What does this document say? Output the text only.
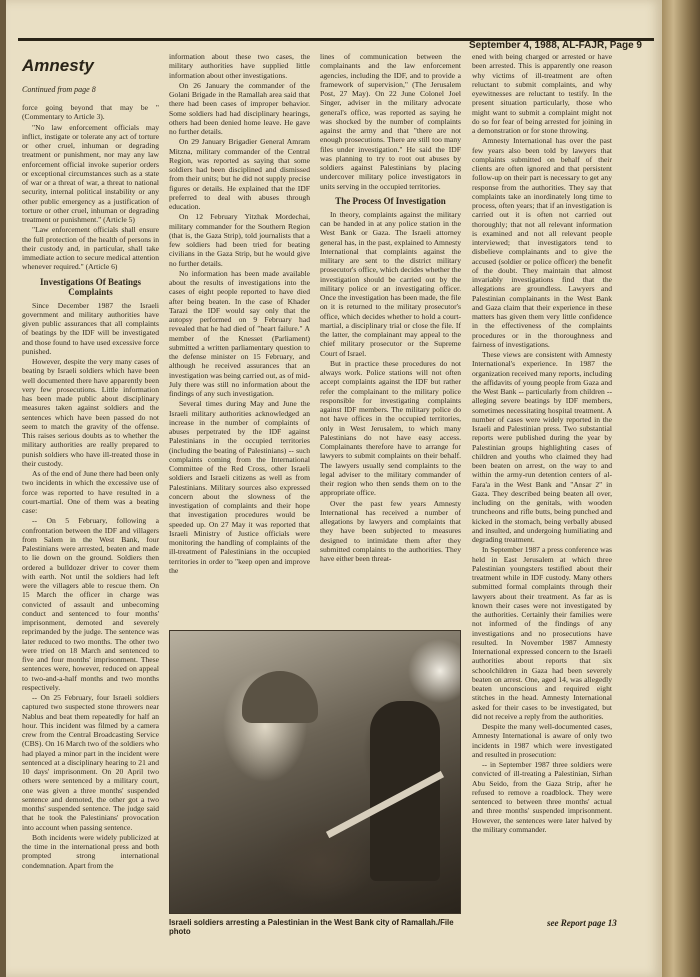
September 4, 1988, AL-FAJR, Page 9
Amnesty
Continued from page 8

force going beyond that may be " (Commentary to Article 3).

"No law enforcement officials may inflict, instigate or tolerate any act of torture or other cruel, inhuman or degrading treatment or punishment, nor may any law enforcement official invoke superior orders or exceptional circumstances such as a state of war or a threat of war, a threat to national security, internal political instability or any other public emergency as a justification of torture or other cruel, inhuman or degrading treatment or punishment." (Article 5)

"Law enforcement officials shall ensure the full protection of the health of persons in their custody and, in particular, shall take immediate action to secure medical attention whenever required." (Article 6)

Investigations Of Beatings Complaints

Since December 1987 the Israeli government and military authorities have given public assurances that all complaints of beatings by the IDF will be investigated and those found to have used excessive force punished.

However, despite the very many cases of beating by Israeli soldiers which have been well documented there have apparently been very few prosecutions. Little information has been made public about disciplinary measures taken against soldiers and the sentences which have been passed do not seem to match the gravity of the offense. This raises serious doubts as to whether the military authorities are really prepared to punish soldiers who have ill-treated those in their custody.

As of the end of June there had been only two incidents in which the excessive use of force was reported to have resulted in a court-martial. One of them was a beating case:

-- On 5 February, following a confrontation between the IDF and villagers from Salem in the West Bank, four Palestinians were arrested, beaten and made to lie down on the ground. Soldiers then ordered a bulldozer driver to cover them with earth. Not until the soldiers had left were the villagers able to rescue them. On 15 March the officer in charge was convicted of assault and unbecoming conduct and sentenced to four months' imprisonment, demoted and severely reprimanded by the judge. The sentence was later reduced to two months. The other two were tried on 18 March and sentenced to five and four months' imprisonment. These sentences were, however, reduced on appeal to two-and-a-half months and two months respectively.

-- On 25 February, four Israeli soldiers captured two suspected stone throwers near Nablus and beat them repeatedly for half an hour. This incident was filmed by a camera crew from the Central Broadcasting Service (CBS). On 16 March two of the soldiers who had played a minor part in the incident were sentenced at a disciplinary hearing to 21 and 10 days' imprisonment. On 20 April two others were sentenced by a military court, one was given a three months' suspended sentence and demoted, the other got a two months' suspended sentence. The judge said that he took the Palestinians' provocation into account when passing sentence.

Both incidents were widely publicized at the time in the international press and both prompted strong international condemnation. Apart from the

information about these two cases, the military authorities have supplied little information about other investigations.

On 26 January the commander of the Golani Brigade in the Ramallah area said that there had been cases of improper behavior. Some soldiers had had disciplinary hearings, others had been denied home leave. He gave no further details.

On 29 January Brigadier General Amram Mitzna, military commander of the Central Region, was reported as saying that some soldiers had been disciplined and dismissed from their units; but he did not supply precise figures or details. He explained that the IDF preferred to deal with abuses through education.

On 12 February Yitzhak Mordechai, military commander for the Southern Region (that is, the Gaza Strip), told journalists that a few soldiers had been tried for beating civilians in the Gaza Strip, but he would give no further details.

No information has been made available about the results of investigations into the cases of eight people reported to have died after being beaten. In the case of Khader Tarazi the IDF would say only that the autopsy performed on 9 February had revealed that he had died of "heart failure." A member of the Knesset (Parliament) submitted a written parliamentary question to the defense minister on 15 February, and although he received assurances that an investigation was being carried out, as of mid-July there was still no information about the findings of any such investigation.

Several times during May and June the Israeli military authorities acknowledged an increase in the number of complaints of abuses perpetrated by the IDF against Palestinians in the occupied territories (including the beating of Palestinians) -- such complaints coming from the International Committee of the Red Cross, other Israeli soldiers and Israeli citizens as well as from Palestinians. Military sources also expressed concern about the slowness of the investigation of complaints and their hope that investigation procedures would be speeded up. On 27 May it was reported that Israeli Ministry of Justice officials were monitoring the handling of complaints of the ill-treatment of Palestinians in the occupied territories in order to "keep open and improve the

lines of communication between the complainants and the law enforcement agencies, including the IDF, and to provide a framework of supervision," (The Jerusalem Post, 27 May). On 22 June Colonel Joel Singer, adviser in the military advocate general's office, was reported as saying he was shocked by the number of complaints against the army and that "there are not enough prosecutions. There are still too many files under investigation." He said the IDF was planning to try to root out abuses by soldiers against Palestinians by placing undercover military police investigators in units serving in the occupied territories.

The Process Of Investigation

In theory, complaints against the military can be handed in at any police station in the West Bank or Gaza. The Israeli attorney general has, in the past, explained to Amnesty International that complaints against the military are sent to the district military prosecutor's office, which decides whether the investigation should be carried out by the military police or an investigating officer. Once the investigation has been made, the file on it is returned to the military prosecutor's office, which decides whether to hold a court-martial, a disciplinary trial or close the file. If the latter, the complainant may appeal to the chief military prosecutor or the Supreme Court of Israel.

But in practice these procedures do not always work. Police stations will not often accept complaints against the IDF but rather refer the complainant to the military police responsible for investigating complaints against IDF members. The military police do not have offices in the occupied territories, only in West Jerusalem, to which many Palestinians do not have easy access. Complainants therefore have to arrange for lawyers to submit complaints on their behalf. The lawyers usually send complaints to the legal adviser to the military commander of their region who then sends them on to the appropriate office.

Over the past few years Amnesty International has received a number of allegations by lawyers and complaints that they have been subjected to measures designed to intimidate them after they submitted complaints to the authorities. They have either been threat-

ened with being charged or arrested or have been arrested. This is apparently one reason why victims of ill-treatment are often reluctant to submit complaints, and why eyewitnesses are reluctant to testify. In the present situation particularly, those who might want to submit a complaint might not do so for fear of being arrested for joining in a demonstration or for stone throwing.

Amnesty International has over the past few years also been told by lawyers that complaints submitted on behalf of their clients are often ignored and that persistent follow-up on their part is necessary to get any response from the authorities. They say that complaints take an inordinately long time to process, often years; that if an investigation is carried out it is often not carried out thoroughly; that not all relevant information is examined and not all relevant people interviewed; that investigators tend to disbelieve complainants and to give the accused (soldier or police officer) the benefit of the doubt. They maintain that almost invariably investigations find that the allegations are groundless. Lawyers and Palestinian complainants in the West Bank and Gaza claim that their experience in these matters has given them very little confidence in the effectiveness of the complaints procedures or in the thoroughness and fairness of investigations.

These views are consistent with Amnesty International's experience. In 1987 the organization received many reports, including the affidavits of young people from Gaza and the West Bank -- particularly from children -- alleging severe beatings by IDF members, sometimes necessitating hospital treatment. A number of cases were widely reported in the Israeli and Palestinian press. Two substantial reports were published during the year by Palestinian groups highlighting cases of children and youths who claimed they had been beaten on arrest, on the way to and within the army-run detention centers of al-Fara'a in the West Bank and "Ansar 2" in Gaza. They described being beaten all over, including on the genitals, with wooden truncheons and rifle butts, being punched and kicked in the stomach, being verbally abused and insulted, and undergoing humiliating and degrading treatment.

In September 1987 a press conference was held in East Jerusalem at which three Palestinian youngsters testified about their treatment while in IDF custody. Many others submitted formal complaints through their lawyers about their treatment. As far as is known their cases were not investigated by the authorities. Certainly their families were not informed of the findings of any investigations and no prosecutions have resulted. In November 1987 Amnesty International expressed concern to the Israeli authorities about reports that six schoolchildren in Gaza had been severely beaten on arrest. One, aged 14, was allegedly beaten unconscious and required eight stitches in the head. Amnesty International asked for their cases to be investigated, but did not receive a reply from the authorities.

Despite the many well-documented cases, Amnesty International is aware of only two incidents in 1987 which were investigated and resulted in prosecution:

-- in September 1987 three soldiers were convicted of ill-treating a Palestinian, Sirhan Abu Seido, from the Gaza Strip, after he refused to remove a roadblock. They were sentenced to between three months' actual and three months' suspended imprisonment. However, the sentences were later halved by the military commander.

Israeli soldiers arresting a Palestinian in the West Bank city of Ramallah./File photo
see Report page 13
